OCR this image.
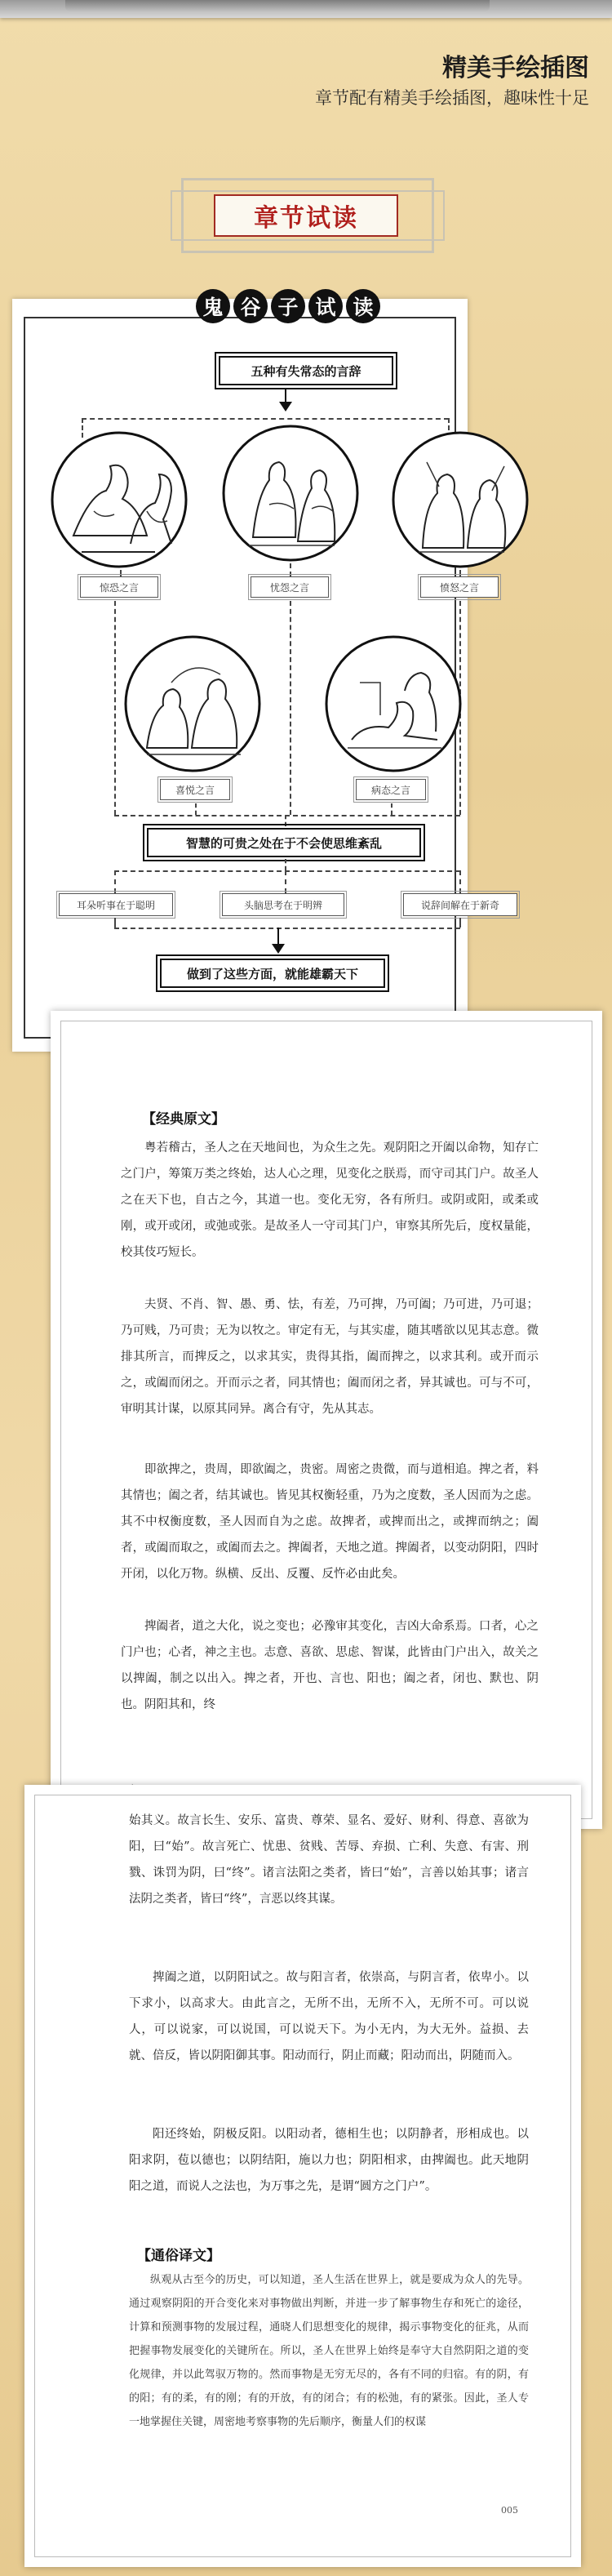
精美手绘插图
章节配有精美手绘插图，趣味性十足
章节试读
鬼 谷 子 试 读
五种有失常态的言辞
惊恐之言	忧怨之言	愤怒之言
喜悦之言	病态之言
智慧的可贵之处在于不会使思维紊乱
耳朵听事在于聪明	头脑思考在于明辨	说辞间解在于新奇
做到了这些方面，就能雄霸天下
【经典原文】
粤若稽古，圣人之在天地间也，为众生之先。观阴阳之开阖以命物，知存亡之门户，筹策万类之终始，达人心之理，见变化之朕焉，而守司其门户。故圣人之在天下也，自古之今，其道一也。变化无穷，各有所归。或阴或阳，或柔或刚，或开或闭，或弛或张。是故圣人一守司其门户，审察其所先后，度权量能，校其伎巧短长。
夫贤、不肖、智、愚、勇、怯，有差，乃可捭，乃可阖；乃可进，乃可退；乃可贱，乃可贵；无为以牧之。审定有无，与其实虚，随其嗜欲以见其志意。微排其所言，而捭反之，以求其实，贵得其指，阖而捭之，以求其利。或开而示之，或阖而闭之。开而示之者，同其情也；阖而闭之者，异其诚也。可与不可，审明其计谋，以原其同异。离合有守，先从其志。
即欲捭之，贵周，即欲阖之，贵密。周密之贵微，而与道相追。捭之者，料其情也；阖之者，结其诚也。皆见其权衡轻重，乃为之度数，圣人因而为之虑。其不中权衡度数，圣人因而自为之虑。故捭者，或捭而出之，或捭而纳之；阖者，或阖而取之，或阖而去之。捭阖者，天地之道。捭阖者，以变动阴阳，四时开闭，以化万物。纵横、反出、反覆、反忤必由此矣。
捭阖者，道之大化，说之变也；必豫审其变化，吉凶大命系焉。口者，心之门户也；心者，神之主也。志意、喜欲、思虑、智谋，此皆由门户出入，故关之以捭阖，制之以出入。捭之者，开也、言也、阳也；阖之者，闭也、默也、阴也。阴阳其和，终
始其义。故言长生、安乐、富贵、尊荣、显名、爱好、财利、得意、喜欲为阳，曰“始”。故言死亡、忧患、贫贱、苦辱、弃损、亡利、失意、有害、刑戮、诛罚为阴，曰“终”。诸言法阳之类者，皆曰“始”，言善以始其事；诸言法阴之类者，皆曰“终”，言恶以终其谋。
捭阖之道，以阴阳试之。故与阳言者，依崇高，与阴言者，依卑小。以下求小，以高求大。由此言之，无所不出，无所不入，无所不可。可以说人，可以说家，可以说国，可以说天下。为小无内，为大无外。益损、去就、倍反，皆以阴阳御其事。阳动而行，阴止而藏；阳动而出，阴随而入。
阳还终始，阴极反阳。以阳动者，德相生也；以阴静者，形相成也。以阳求阴，苞以德也；以阴结阳，施以力也；阴阳相求，由捭阖也。此天地阴阳之道，而说人之法也，为万事之先，是谓“圆方之门户”。
【通俗译文】
纵观从古至今的历史，可以知道，圣人生活在世界上，就是要成为众人的先导。通过观察阴阳的开合变化来对事物做出判断，并进一步了解事物生存和死亡的途径，计算和预测事物的发展过程，通晓人们思想变化的规律，揭示事物变化的征兆，从而把握事物发展变化的关键所在。所以，圣人在世界上始终是奉守大自然阴阳之道的变化规律，并以此驾驭万物的。然而事物是无穷无尽的，各有不同的归宿。有的阴，有的阳；有的柔，有的刚；有的开放，有的闭合；有的松弛，有的紧张。因此，圣人专一地掌握住关键，周密地考察事物的先后顺序，衡量人们的权谋
005
